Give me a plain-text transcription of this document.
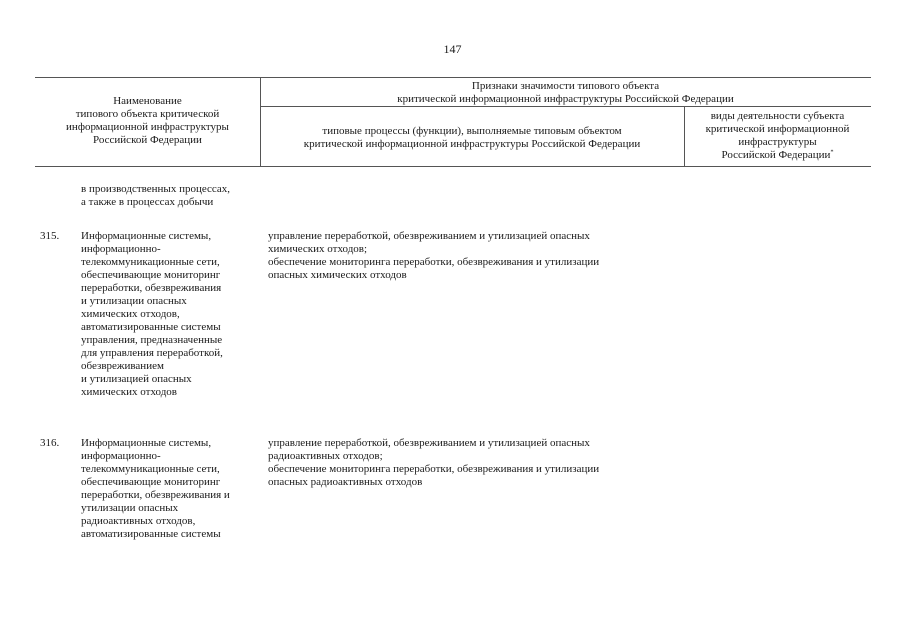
147
Наименование
типового объекта критической
информационной инфраструктуры
Российской Федерации
Признаки значимости типового объекта
критической информационной инфраструктуры Российской Федерации
типовые процессы (функции), выполняемые типовым объектом
критической информационной инфраструктуры Российской Федерации
виды деятельности субъекта
критической информационной
инфраструктуры
Российской Федерации*
в производственных процессах,
а также в процессах добычи
315. Информационные системы,
информационно-
телекоммуникационные сети,
обеспечивающие мониторинг
переработки, обезвреживания
и утилизации опасных
химических отходов,
автоматизированные системы
управления, предназначенные
для управления переработкой,
обезвреживанием
и утилизацией опасных
химических отходов
управление переработкой, обезвреживанием и утилизацией опасных
химических отходов;
обеспечение мониторинга переработки, обезвреживания и утилизации
опасных химических отходов
316. Информационные системы,
информационно-
телекоммуникационные сети,
обеспечивающие мониторинг
переработки, обезвреживания и
утилизации опасных
радиоактивных отходов,
автоматизированные системы
управление переработкой, обезвреживанием и утилизацией опасных
радиоактивных отходов;
обеспечение мониторинга переработки, обезвреживания и утилизации
опасных радиоактивных отходов
